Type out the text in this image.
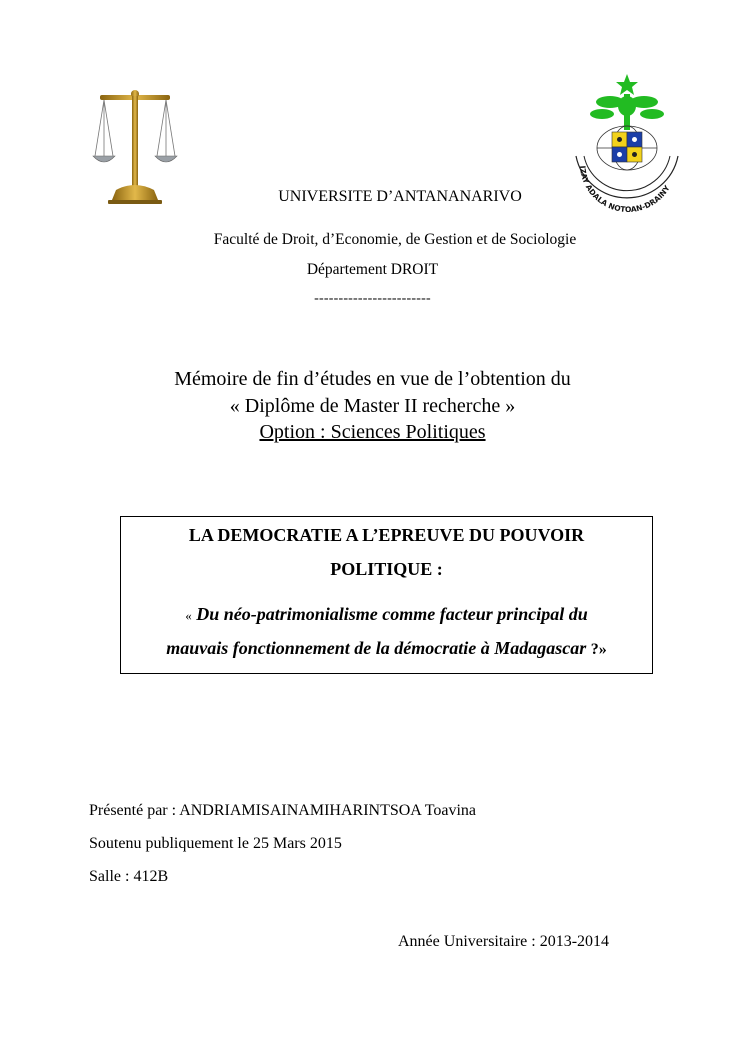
IZAY ADALA NOTOAN-DRAINY
UNIVERSITE D’ANTANANARIVO
Faculté de Droit, d’Economie, de Gestion et de Sociologie
Département DROIT
------------------------
Mémoire de fin d’études en vue de l’obtention du
« Diplôme de Master II recherche »
Option : Sciences Politiques
LA DEMOCRATIE A L’EPREUVE DU POUVOIR
POLITIQUE :
« Du néo-patrimonialisme comme facteur principal du
mauvais fonctionnement de la démocratie à Madagascar ?»
Présenté par : ANDRIAMISAINAMIHARINTSOA Toavina
Soutenu publiquement le 25 Mars 2015
Salle : 412B
Année Universitaire : 2013-2014
